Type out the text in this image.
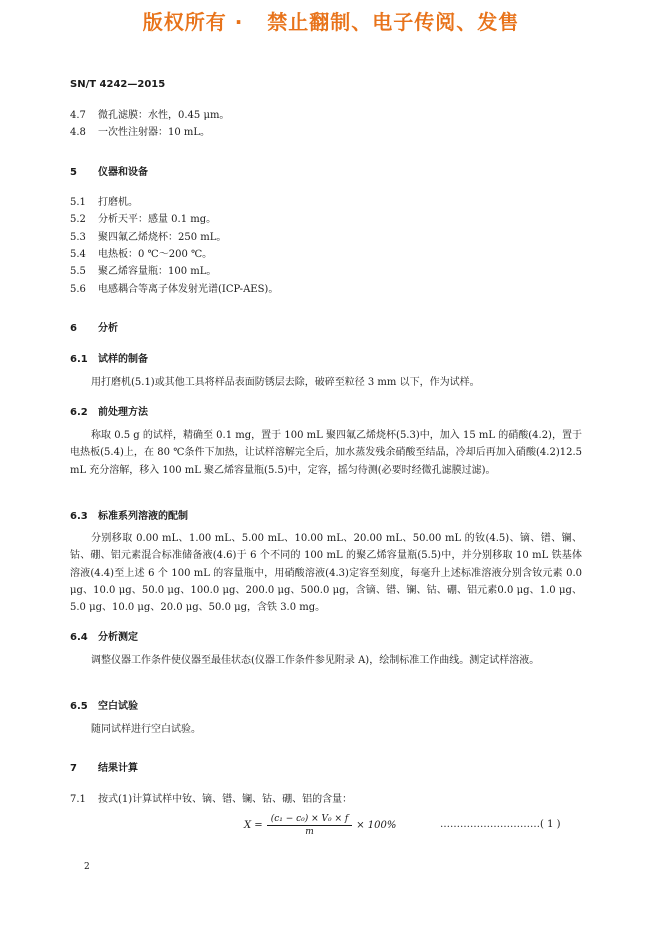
版权所有 ·   禁止翻制、电子传阅、发售
SN/T 4242—2015
4.7 微孔滤膜：水性，0.45 μm。
4.8 一次性注射器：10 mL。
5 仪器和设备
5.1 打磨机。
5.2 分析天平：感量 0.1 mg。
5.3 聚四氟乙烯烧杯：250 mL。
5.4 电热板：0 ℃～200 ℃。
5.5 聚乙烯容量瓶：100 mL。
5.6 电感耦合等离子体发射光谱(ICP-AES)。
6 分析
6.1 试样的制备
用打磨机(5.1)或其他工具将样品表面防锈层去除，破碎至粒径 3 mm 以下，作为试样。
6.2 前处理方法
称取 0.5 g 的试样，精确至 0.1 mg，置于 100 mL 聚四氟乙烯烧杯(5.3)中，加入 15 mL 的硝酸(4.2)，置于电热板(5.4)上，在 80 ℃条件下加热，让试样溶解完全后，加水蒸发残余硝酸至结晶，冷却后再加入硝酸(4.2)12.5 mL 充分溶解，移入 100 mL 聚乙烯容量瓶(5.5)中，定容，摇匀待测(必要时经微孔滤膜过滤)。
6.3 标准系列溶液的配制
分别移取 0.00 mL、1.00 mL、5.00 mL、10.00 mL、20.00 mL、50.00 mL 的钕(4.5)、镝、镨、镧、钴、硼、铝元素混合标准储备液(4.6)于 6 个不同的 100 mL 的聚乙烯容量瓶(5.5)中，并分别移取 10 mL 铁基体溶液(4.4)至上述 6 个 100 mL 的容量瓶中，用硝酸溶液(4.3)定容至刻度，每毫升上述标准溶液分别含钕元素 0.0 μg、10.0 μg、50.0 μg、100.0 μg、200.0 μg、500.0 μg，含镝、镨、镧、钴、硼、铝元素0.0 μg、1.0 μg、5.0 μg、10.0 μg、20.0 μg、50.0 μg，含铁 3.0 mg。
6.4 分析测定
调整仪器工作条件使仪器至最佳状态(仪器工作条件参见附录 A)，绘制标准工作曲线。测定试样溶液。
6.5 空白试验
随同试样进行空白试验。
7 结果计算
7.1 按式(1)计算试样中钕、镝、镨、镧、钴、硼、铝的含量：
$X = \frac{\text{(c₁ − c₀) × V₀ × f}}{m} \times 100\%$	…………………………( 1 )
2
